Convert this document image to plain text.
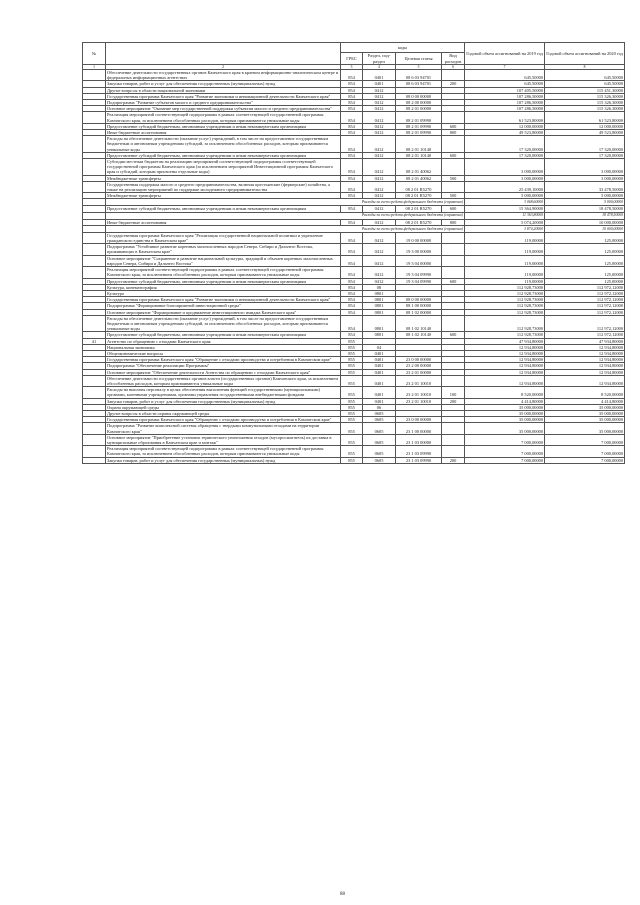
№		коды				Годовой объем ассигнований на 2019 год	Годовой объем ассигнований на 2020 год
		ГРБС	Раздел, под-раздел	Целевая статья	Вид расходов		
1	2	3	4	5	6	7	8
	Обеспечение деятельности государственных органов Камчатского края в краевом информационно-аналитическом центре и федеральных информационных агентствах	854	0401	08 6 03 94701		645,50000	645,50000
	Закупка товаров, работ и услуг для обеспечения государственных (муниципальных) нужд	854	0401	08 6 03 94701	200	645,50000	645,50000
	Другие вопросы в области национальной экономики	854	0412			107 405,50000	115 451,30000
	Государственная программа Камчатского края "Развитие экономики и инновационной деятельности Камчатского края"	854	0412	08 0 00 00000		107 286,50000	115 326,30000
	Подпрограмма "Развитие субъектов малого и среднего предпринимательства"	854	0412	08 2 00 00000		107 286,50000	115 326,30000
	Основное мероприятие "Оказание мер государственной поддержки субъектам малого и среднего предпринимательства"	854	0412	08 2 01 00000		107 286,50000	115 326,30000
	Реализация мероприятий соответствующей подпрограммы в рамках соответствующей государственной программы Камчатского края, за исключением обособленных расходов, которым присваиваются уникальные коды	854	0412	08 2 01 09990		61 523,80000	61 523,80000
	Предоставление субсидий бюджетным, автономным учреждениям и иным некоммерческим организациям	854	0412	08 2 01 09990	600	12 000,00000	12 000,00000
	Иные бюджетные ассигнования	854	0412	08 2 01 09990	800	49 523,80000	49 523,80000
	Расходы на обеспечение деятельности (оказание услуг) учреждений, в том числе на предоставление государственным бюджетным и автономным учреждениям субсидий, за исключением обособленных расходов, которым присваиваются уникальные коды	854	0412	08 2 01 10140		17 320,00000	17 320,00000
	Предоставление субсидий бюджетным, автономным учреждениям и иным некоммерческим организациям	854	0412	08 2 01 10140	600	17 320,00000	17 320,00000
	Субсидии местным бюджетам на реализацию мероприятий соответствующей подпрограммы соответствующей государственной программы Камчатского края (за исключением мероприятий Инвестиционной программы Камчатского края и субсидий, которым присвоены отдельные коды)	854	0412	08 2 01 40062		3 000,00000	3 000,00000
	Межбюджетные трансферты	854	0412	08 2 01 40062	500	3 000,00000	3 000,00000
	Государственная поддержка малого и среднего предпринимательства, включая крестьянские (фермерские) хозяйства, а также на реализацию мероприятий по поддержке молодежного предпринимательства	854	0412	08 2 01 R5270		25 439,10000	33 478,50000
	Межбюджетные трансферты	854	0412	08 2 01 R5270	500	5 000,00000	5 000,00000
	Расходы за счет средств федерального бюджета (справочно)					3 068,60000	5 000,00000
	Предоставление субсидий бюджетным, автономным учреждениям и иным некоммерческим организациям	854	0412	08 2 01 R5270	600	15 364,90000	18 478,50000
	Расходы за счет средств федерального бюджета (справочно)					11 363,80000	18 478,50000
	Иные бюджетные ассигнования	854	0412	08 2 01 R5270	800	5 074,20000	10 000,00000
	Расходы за счет средств федерального бюджета (справочно)					3 874,20000	10 000,00000
	Государственная программа Камчатского края "Реализация государственной национальной политики и укрепление гражданского единства в Камчатском крае"	854	0412	19 0 00 00000		119,00000	125,00000
	Подпрограмма "Устойчивое развитие коренных малочисленных народов Севера, Сибири и Дальнего Востока, проживающих в Камчатском крае"	854	0412	19 3 00 00000		119,00000	125,00000
	Основное мероприятие "Сохранение и развитие национальной культуры, традиций и обычаев коренных малочисленных народов Севера, Сибири и Дальнего Востока"	854	0412	19 3 04 00000		119,00000	125,00000
	Реализация мероприятий соответствующей подпрограммы в рамках соответствующей государственной программы Камчатского края, за исключением обособленных расходов, которым присваиваются уникальные коды	854	0412	19 3 04 09990		119,00000	125,00000
	Предоставление субсидий бюджетным, автономным учреждениям и иным некоммерческим организациям	854	0412	19 3 04 09990	600	119,00000	125,00000
	Культура, кинематография	854	08			112 928,73000	112 972,12000
	Культура	854	0801			112 928,73000	112 972,12000
	Государственная программа Камчатского края "Развитие экономики и инновационной деятельности Камчатского края"	854	0801	08 0 00 00000		112 928,73000	112 972,12000
	Подпрограмма "Формирование благоприятной инвестиционной среды"	854	0801	08 1 00 00000		112 928,73000	112 972,12000
	Основное мероприятие "Формирование и продвижение инвестиционного имиджа Камчатского края"	854	0801	08 1 02 00000		112 928,73000	112 972,12000
	Расходы на обеспечение деятельности (оказание услуг) учреждений, в том числе на предоставление государственным бюджетным и автономным учреждениям субсидий, за исключением обособленных расходов, которым присваиваются уникальные коды	854	0801	08 1 02 10140		112 928,73000	112 972,12000
	Предоставление субсидий бюджетным, автономным учреждениям и иным некоммерческим организациям	854	0801	08 1 02 10140	600	112 928,73000	112 972,12000
41	Агентство по обращению с отходами Камчатского края	855				47 934,80000	47 934,80000
	Национальная экономика	855	04			12 934,80000	12 934,80000
	Общеэкономические вопросы	855	0401			12 934,80000	12 934,80000
	Государственная программа Камчатского края "Обращение с отходами производства и потребления в Камчатском крае"	855	0401	23 0 00 00000		12 934,80000	12 934,80000
	Подпрограмма "Обеспечение реализации Программы"	855	0401	23 2 00 00000		12 934,80000	12 934,80000
	Основное мероприятие "Обеспечение деятельности Агентства по обращению с отходами Камчатского края"	855	0401	23 2 01 00000		12 934,80000	12 934,80000
	Обеспечение деятельности государственных органов власти (государственных органов) Камчатского края, за исключением обособленных расходов, которым присваиваются уникальные коды	855	0401	23 2 01 10010		12 934,80000	12 934,80000
	Расходы на выплаты персоналу в целях обеспечения выполнения функций государственными (муниципальными) органами, казенными учреждениями, органами управления государственными внебюджетными фондами	855	0401	23 2 01 10010	100	8 520,00000	8 520,00000
	Закупка товаров, работ и услуг для обеспечения государственных (муниципальных) нужд	855	0401	23 2 01 10010	200	4 414,80000	4 414,80000
	Охрана окружающей среды	855	06			35 000,00000	35 000,00000
	Другие вопросы в области охраны окружающей среды	855	0605			35 000,00000	35 000,00000
	Государственная программа Камчатского края "Обращение с отходами производства и потребления в Камчатском крае"	855	0605	23 0 00 00000		35 000,00000	35 000,00000
	Подпрограмма "Развитие комплексной системы обращения с твердыми коммунальными отходами на территории Камчатского края"	855	0605	23 1 00 00000		35 000,00000	35 000,00000
	Основное мероприятие "Приобретение установок термического уничтожения отходов (мусоросжигатель) их доставка в муниципальные образования в Камчатском крае и монтаж"	855	0605	23 1 03 00000		7 000,00000	7 000,00000
	Реализация мероприятий соответствующей подпрограммы в рамках соответствующей государственной программы Камчатского края, за исключением обособленных расходов, которым присваиваются уникальные коды	855	0605	23 1 03 09990		7 000,00000	7 000,00000
	Закупка товаров, работ и услуг для обеспечения государственных (муниципальных) нужд	855	0605	23 1 03 09990	200	7 000,00000	7 000,00000
88
